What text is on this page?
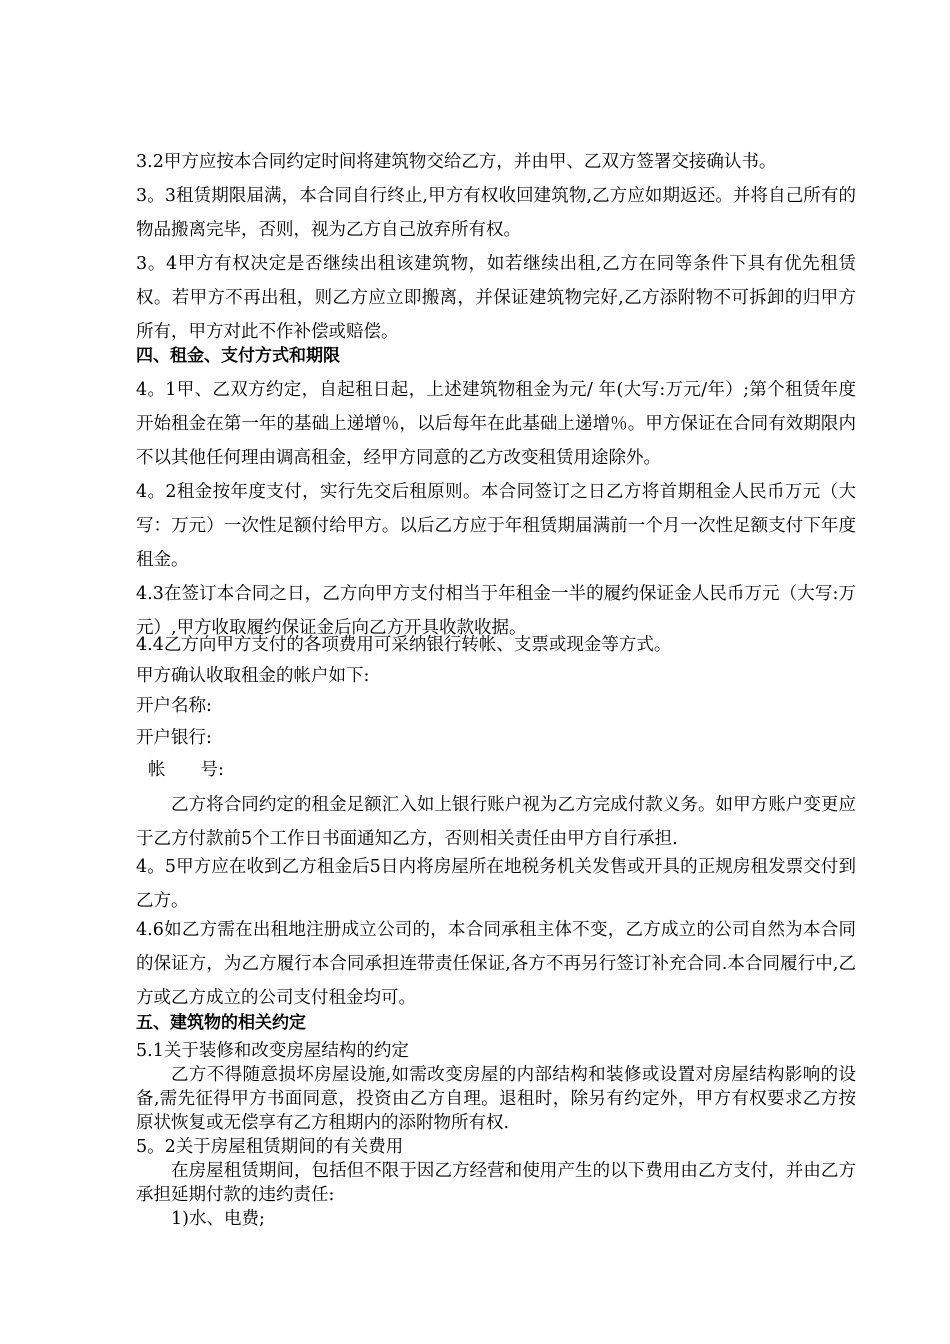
3.2甲方应按本合同约定时间将建筑物交给乙方，并由甲、乙双方签署交接确认书。

3。3租赁期限届满，本合同自行终止,甲方有权收回建筑物,乙方应如期返还。并将自己所有的物品搬离完毕，否则，视为乙方自己放弃所有权。

3。4甲方有权决定是否继续出租该建筑物，如若继续出租,乙方在同等条件下具有优先租赁权。若甲方不再出租，则乙方应立即搬离，并保证建筑物完好,乙方添附物不可拆卸的归甲方所有，甲方对此不作补偿或赔偿。

四、租金、支付方式和期限

4。1甲、乙双方约定，自起租日起，上述建筑物租金为元/ 年(大写:万元/年）;第个租赁年度开始租金在第一年的基础上递增％，以后每年在此基础上递增％。甲方保证在合同有效期限内不以其他任何理由调高租金，经甲方同意的乙方改变租赁用途除外。

4。2租金按年度支付，实行先交后租原则。本合同签订之日乙方将首期租金人民币万元（大写：万元）一次性足额付给甲方。以后乙方应于年租赁期届满前一个月一次性足额支付下年度租金。

4.3在签订本合同之日，乙方向甲方支付相当于年租金一半的履约保证金人民币万元（大写:万元）,甲方收取履约保证金后向乙方开具收款收据。

4.4乙方向甲方支付的各项费用可采纳银行转帐、支票或现金等方式。

甲方确认收取租金的帐户如下:

开户名称:

开户银行:

帐　　号:

乙方将合同约定的租金足额汇入如上银行账户视为乙方完成付款义务。如甲方账户变更应于乙方付款前5个工作日书面通知乙方，否则相关责任由甲方自行承担.

4。5甲方应在收到乙方租金后5日内将房屋所在地税务机关发售或开具的正规房租发票交付到乙方。

4.6如乙方需在出租地注册成立公司的，本合同承租主体不变，乙方成立的公司自然为本合同的保证方，为乙方履行本合同承担连带责任保证,各方不再另行签订补充合同.本合同履行中,乙方或乙方成立的公司支付租金均可。

五、建筑物的相关约定

5.1关于装修和改变房屋结构的约定

乙方不得随意损坏房屋设施,如需改变房屋的内部结构和装修或设置对房屋结构影响的设备,需先征得甲方书面同意，投资由乙方自理。退租时，除另有约定外，甲方有权要求乙方按原状恢复或无偿享有乙方租期内的添附物所有权.

5。2关于房屋租赁期间的有关费用

在房屋租赁期间，包括但不限于因乙方经营和使用产生的以下费用由乙方支付，并由乙方承担延期付款的违约责任:

1)水、电费;
